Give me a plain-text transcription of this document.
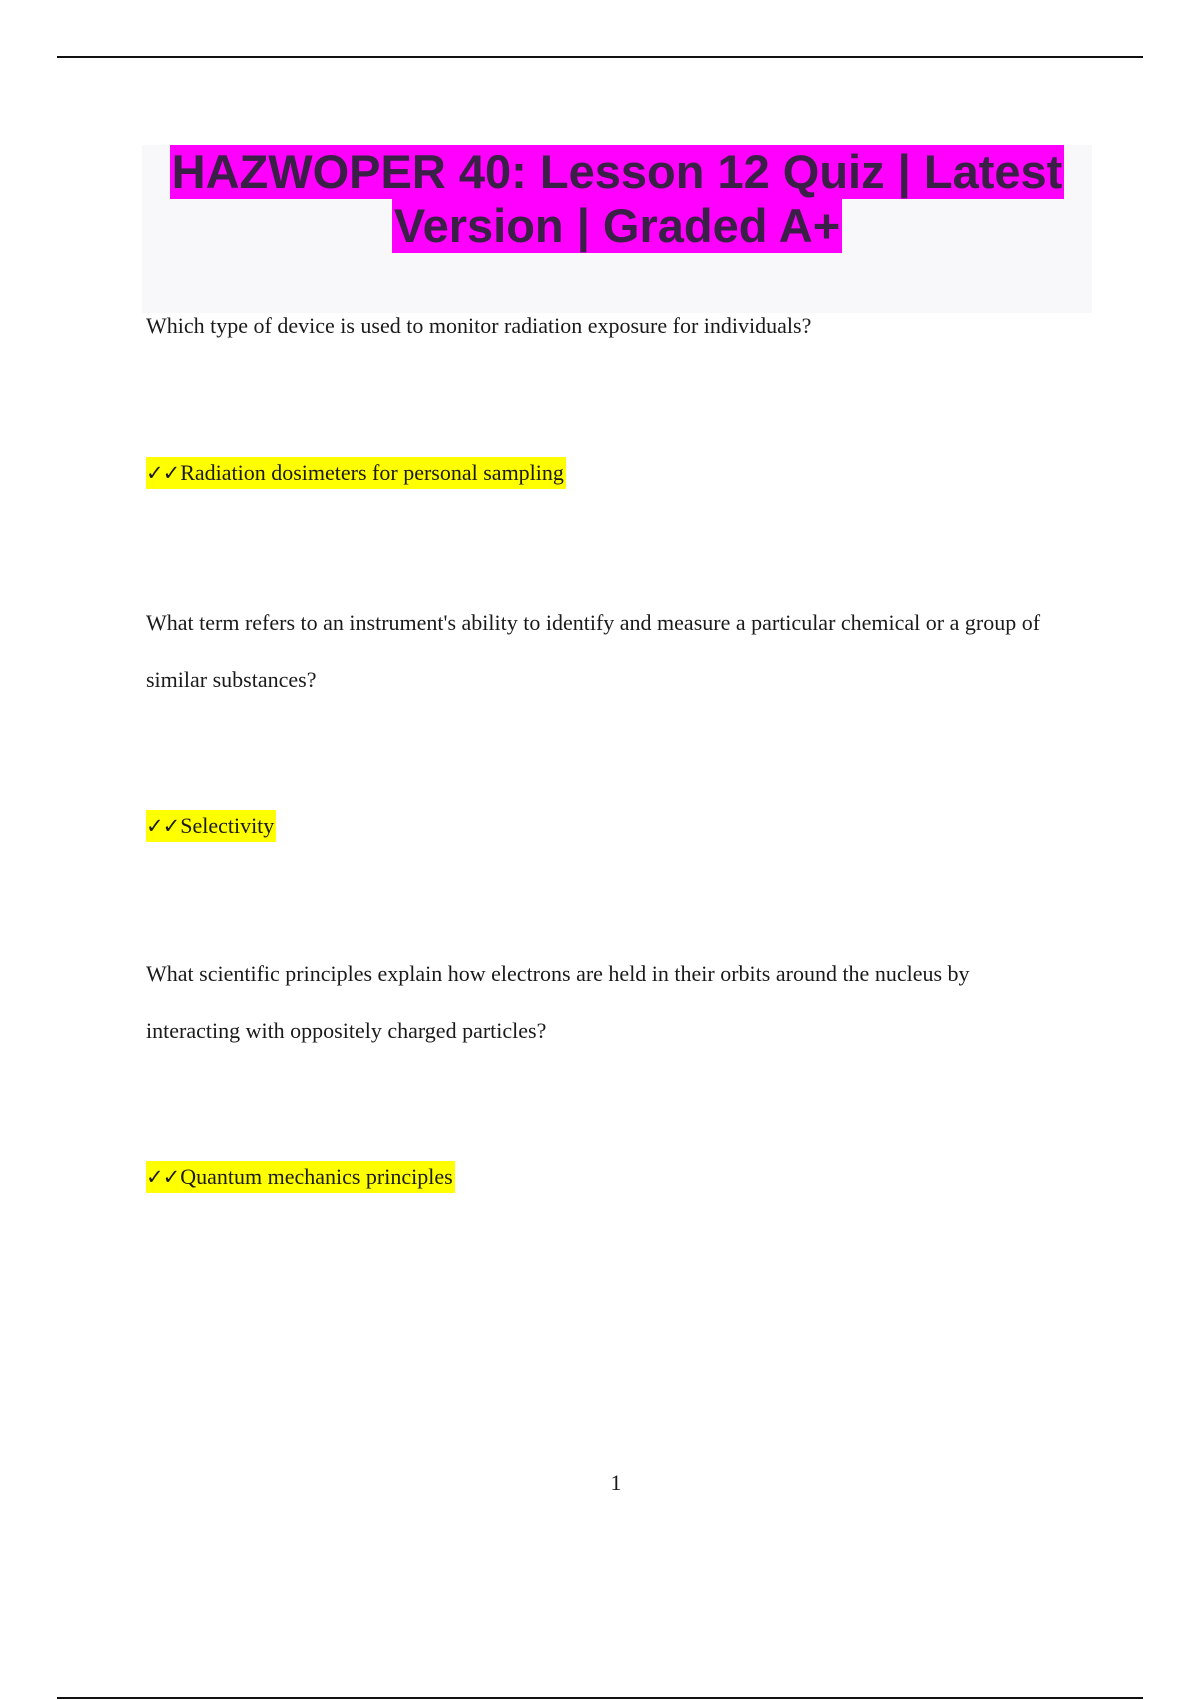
HAZWOPER 40: Lesson 12 Quiz | Latest
Version | Graded A+
Which type of device is used to monitor radiation exposure for individuals?
✓✓Radiation dosimeters for personal sampling
What term refers to an instrument's ability to identify and measure a particular chemical or a group of similar substances?
✓✓Selectivity
What scientific principles explain how electrons are held in their orbits around the nucleus by interacting with oppositely charged particles?
✓✓Quantum mechanics principles
1
